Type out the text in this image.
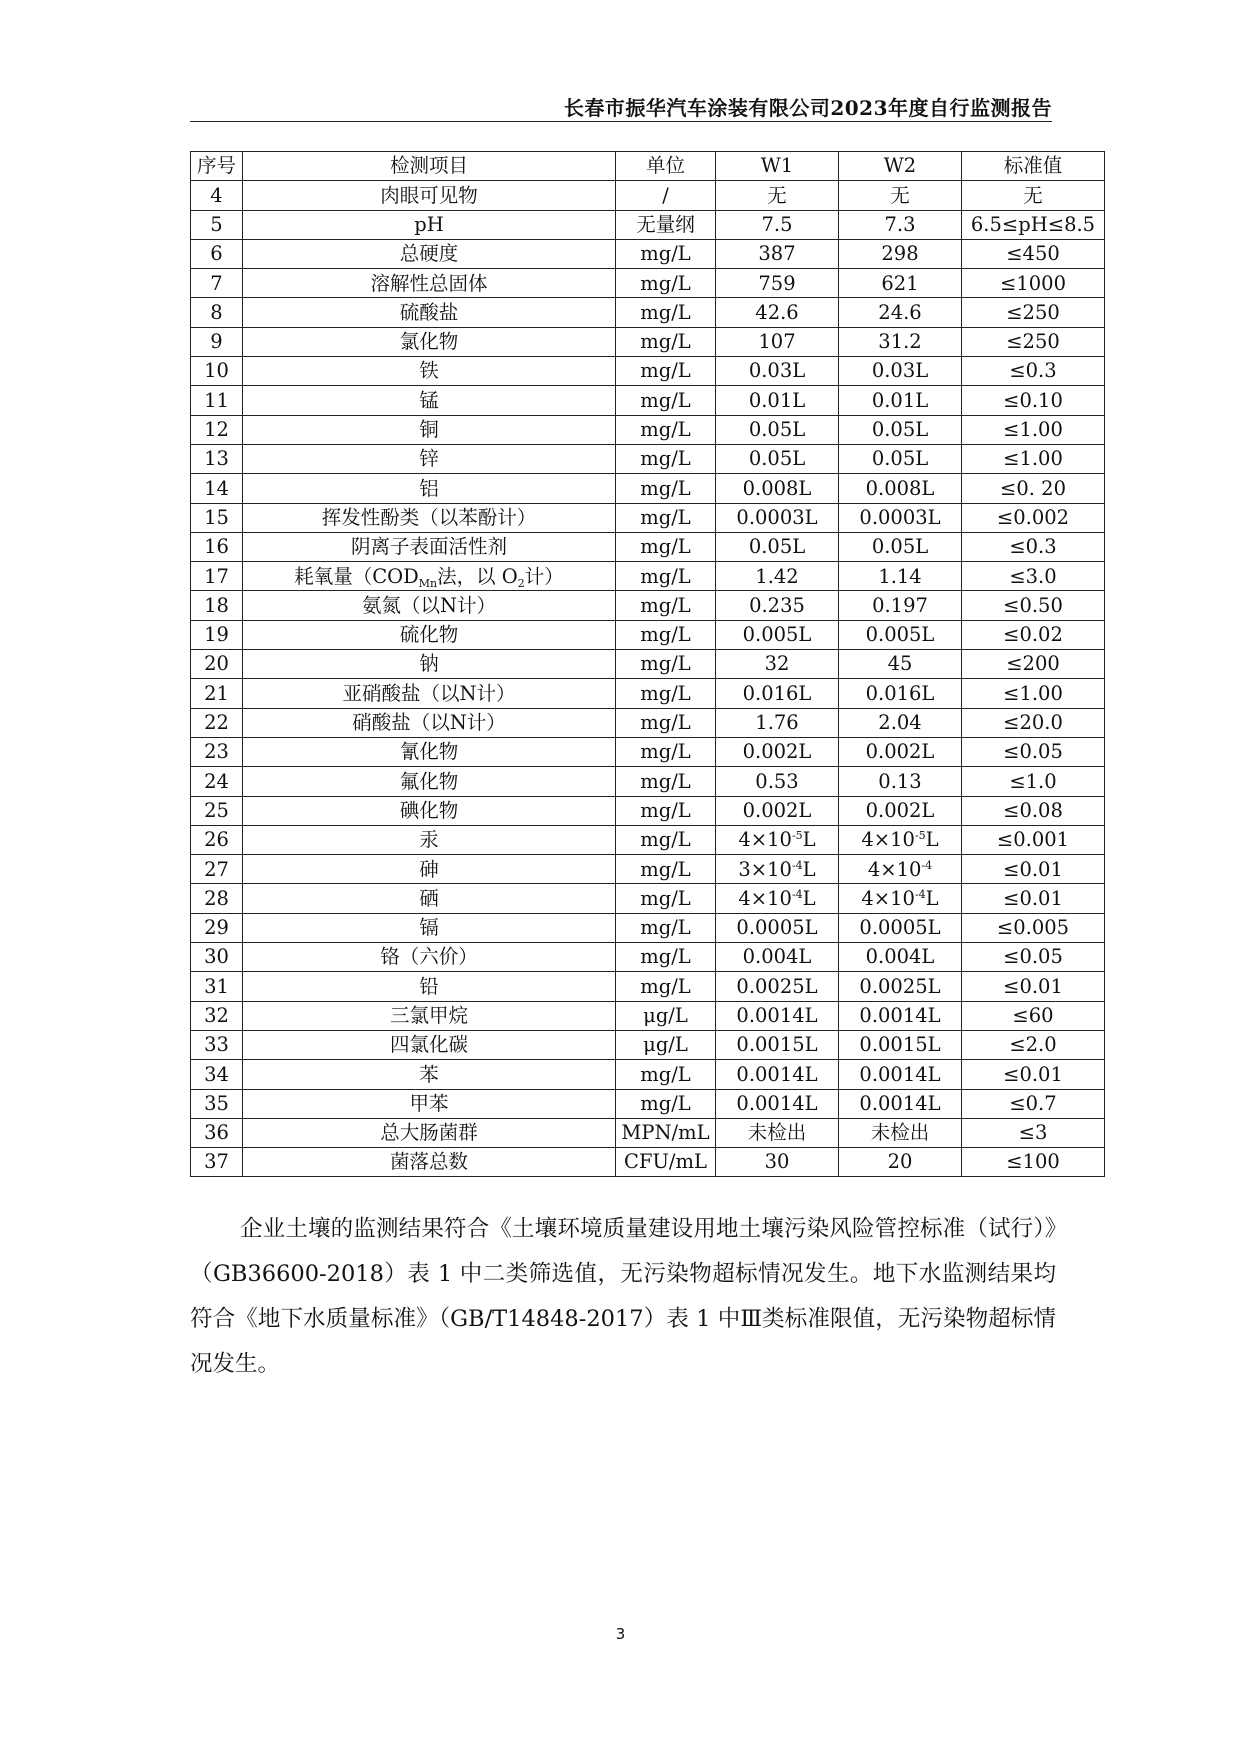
长春市振华汽车涂装有限公司2023年度自行监测报告
序号	检测项目	单位	W1	W2	标准值
4	肉眼可见物	/	无	无	无
5	pH	无量纲	7.5	7.3	6.5≤pH≤8.5
6	总硬度	mg/L	387	298	≤450
7	溶解性总固体	mg/L	759	621	≤1000
8	硫酸盐	mg/L	42.6	24.6	≤250
9	氯化物	mg/L	107	31.2	≤250
10	铁	mg/L	0.03L	0.03L	≤0.3
11	锰	mg/L	0.01L	0.01L	≤0.10
12	铜	mg/L	0.05L	0.05L	≤1.00
13	锌	mg/L	0.05L	0.05L	≤1.00
14	铝	mg/L	0.008L	0.008L	≤0. 20
15	挥发性酚类（以苯酚计）	mg/L	0.0003L	0.0003L	≤0.002
16	阴离子表面活性剂	mg/L	0.05L	0.05L	≤0.3
17	耗氧量（$COD_{Mn}$法，以 $O_2$计）	mg/L	1.42	1.14	≤3.0
18	氨氮（以N计）	mg/L	0.235	0.197	≤0.50
19	硫化物	mg/L	0.005L	0.005L	≤0.02
20	钠	mg/L	32	45	≤200
21	亚硝酸盐（以N计）	mg/L	0.016L	0.016L	≤1.00
22	硝酸盐（以N计）	mg/L	1.76	2.04	≤20.0
23	氰化物	mg/L	0.002L	0.002L	≤0.05
24	氟化物	mg/L	0.53	0.13	≤1.0
25	碘化物	mg/L	0.002L	0.002L	≤0.08
26	汞	mg/L	$4\times 10^{-5}L$	$4\times 10^{-5}L$	≤0.001
27	砷	mg/L	$3\times 10^{-4}L$	$4\times 10^{-4}$	≤0.01
28	硒	mg/L	$4\times 10^{-4}L$	$4\times 10^{-4}L$	≤0.01
29	镉	mg/L	0.0005L	0.0005L	≤0.005
30	铬（六价）	mg/L	0.004L	0.004L	≤0.05
31	铅	mg/L	0.0025L	0.0025L	≤0.01
32	三氯甲烷	μg/L	0.0014L	0.0014L	≤60
33	四氯化碳	μg/L	0.0015L	0.0015L	≤2.0
34	苯	mg/L	0.0014L	0.0014L	≤0.01
35	甲苯	mg/L	0.0014L	0.0014L	≤0.7
36	总大肠菌群	MPN/mL	未检出	未检出	≤3
37	菌落总数	CFU/mL	30	20	≤100

企业土壤的监测结果符合《土壤环境质量建设用地土壤污染风险管控标准（试行）》（GB36600-2018）表 1 中二类筛选值，无污染物超标情况发生。地下水监测结果均符合《地下水质量标准》（GB/T14848-2017）表 1 中Ⅲ类标准限值，无污染物超标情况发生。

3
